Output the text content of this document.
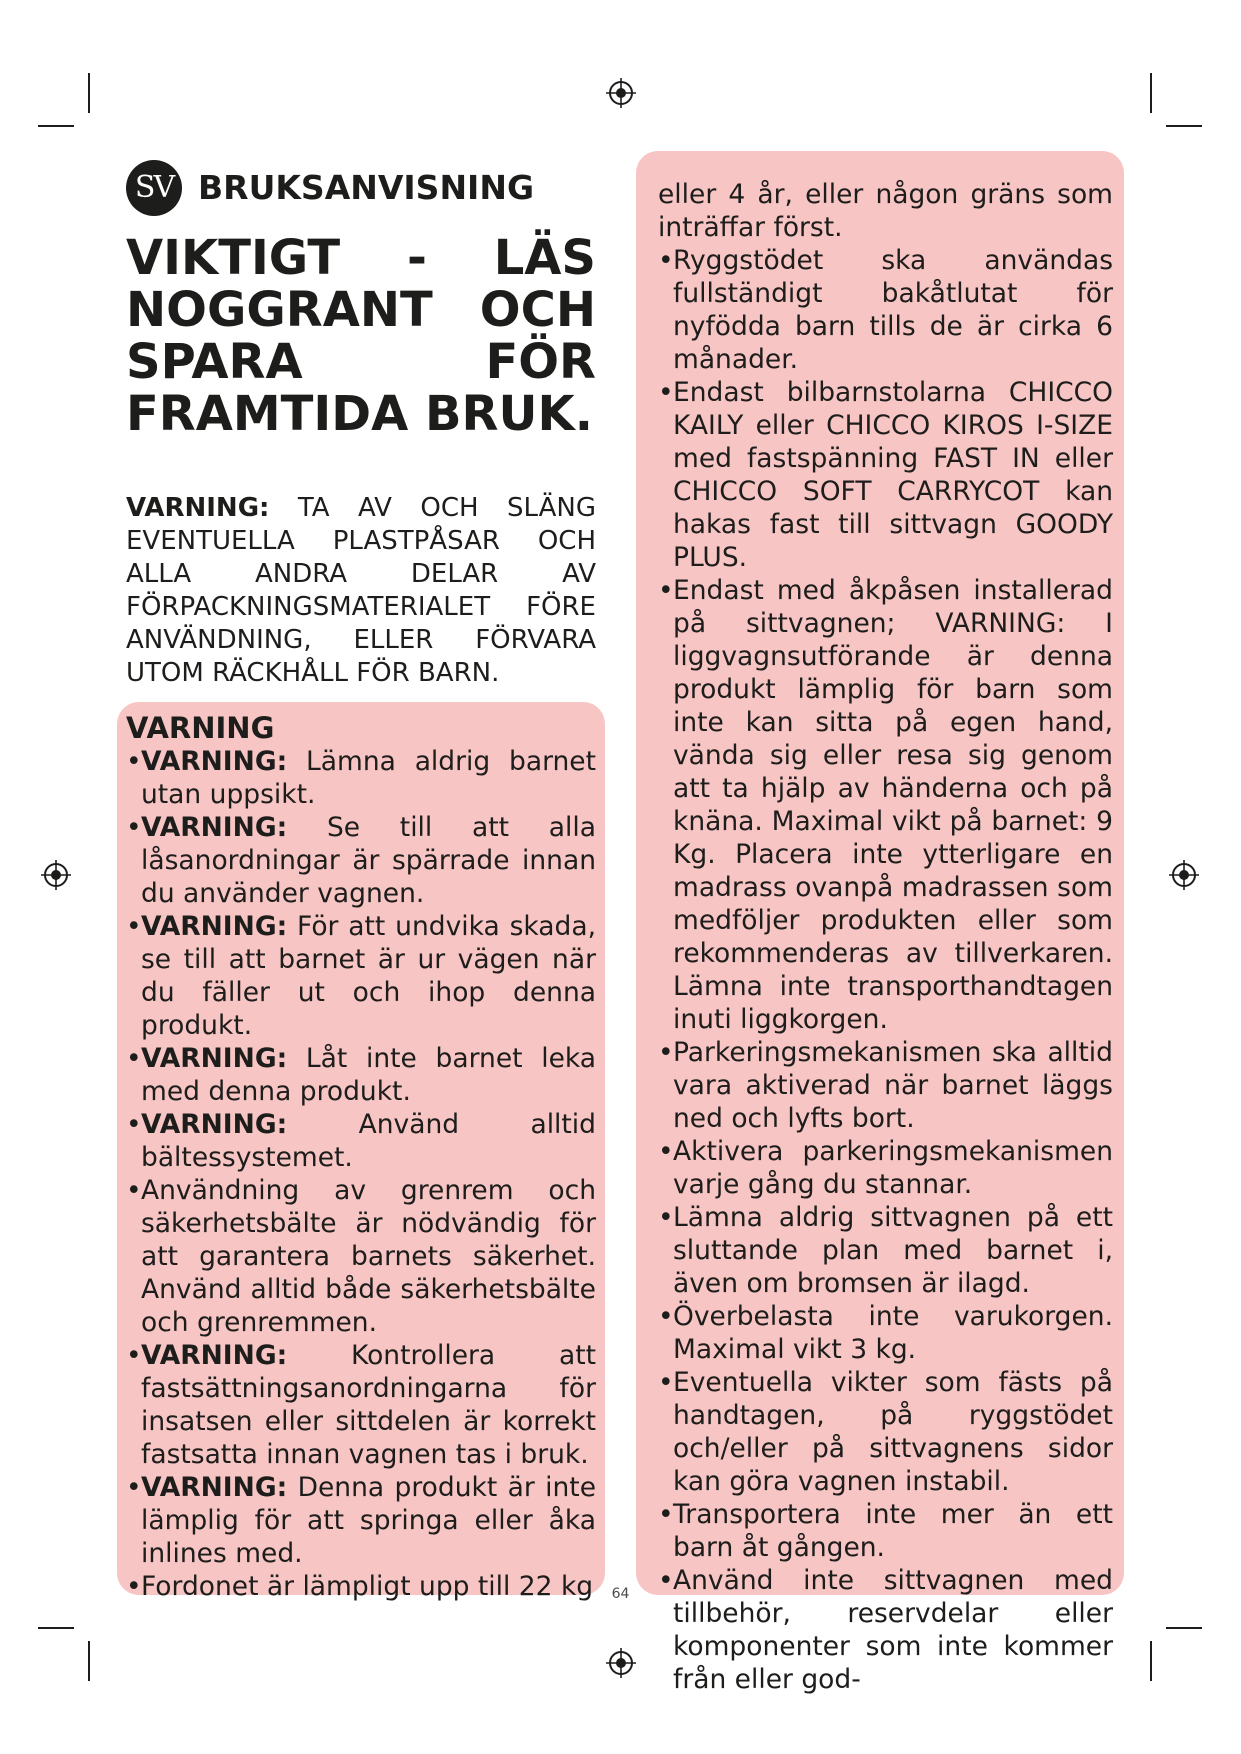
SV BRUKSANVISNING
VIKTIGT - LÄS NOGGRANT OCH SPARA FÖR FRAMTIDA BRUK.
VARNING: TA AV OCH SLÄNG EVENTUELLA PLASTPÅSAR OCH ALLA ANDRA DELAR AV FÖRPACKNINGSMATERIALET FÖRE ANVÄNDNING, ELLER FÖRVARA UTOM RÄCKHÅLL FÖR BARN.
VARNING
• VARNING: Lämna aldrig barnet utan uppsikt.
• VARNING: Se till att alla låsanordningar är spärrade innan du använder vagnen.
• VARNING: För att undvika skada, se till att barnet är ur vägen när du fäller ut och ihop denna produkt.
• VARNING: Låt inte barnet leka med denna produkt.
• VARNING: Använd alltid bältessystemet.
• Användning av grenrem och säkerhetsbälte är nödvändig för att garantera barnets säkerhet. Använd alltid både säkerhetsbälte och grenremmen.
• VARNING: Kontrollera att fastsättningsanordningarna för insatsen eller sittdelen är korrekt fastsatta innan vagnen tas i bruk.
• VARNING: Denna produkt är inte lämplig för att springa eller åka inlines med.
• Fordonet är lämpligt upp till 22 kg
eller 4 år, eller någon gräns som inträffar först.
• Ryggstödet ska användas fullständigt bakåtlutat för nyfödda barn tills de är cirka 6 månader.
• Endast bilbarnstolarna CHICCO KAILY eller CHICCO KIROS I-SIZE med fastspänning FAST IN eller CHICCO SOFT CARRYCOT kan hakas fast till sittvagn GOODY PLUS.
• Endast med åkpåsen installerad på sittvagnen; VARNING: I liggvagnsutförande är denna produkt lämplig för barn som inte kan sitta på egen hand, vända sig eller resa sig genom att ta hjälp av händerna och på knäna. Maximal vikt på barnet: 9 Kg. Placera inte ytterligare en madrass ovanpå madrassen som medföljer produkten eller som rekommenderas av tillverkaren. Lämna inte transporthandtagen inuti liggkorgen.
• Parkeringsmekanismen ska alltid vara aktiverad när barnet läggs ned och lyfts bort.
• Aktivera parkeringsmekanismen varje gång du stannar.
• Lämna aldrig sittvagnen på ett sluttande plan med barnet i, även om bromsen är ilagd.
• Överbelasta inte varukorgen. Maximal vikt 3 kg.
• Eventuella vikter som fästs på handtagen, på ryggstödet och/eller på sittvagnens sidor kan göra vagnen instabil.
• Transportera inte mer än ett barn åt gången.
• Använd inte sittvagnen med tillbehör, reservdelar eller komponenter som inte kommer från eller god-
64
